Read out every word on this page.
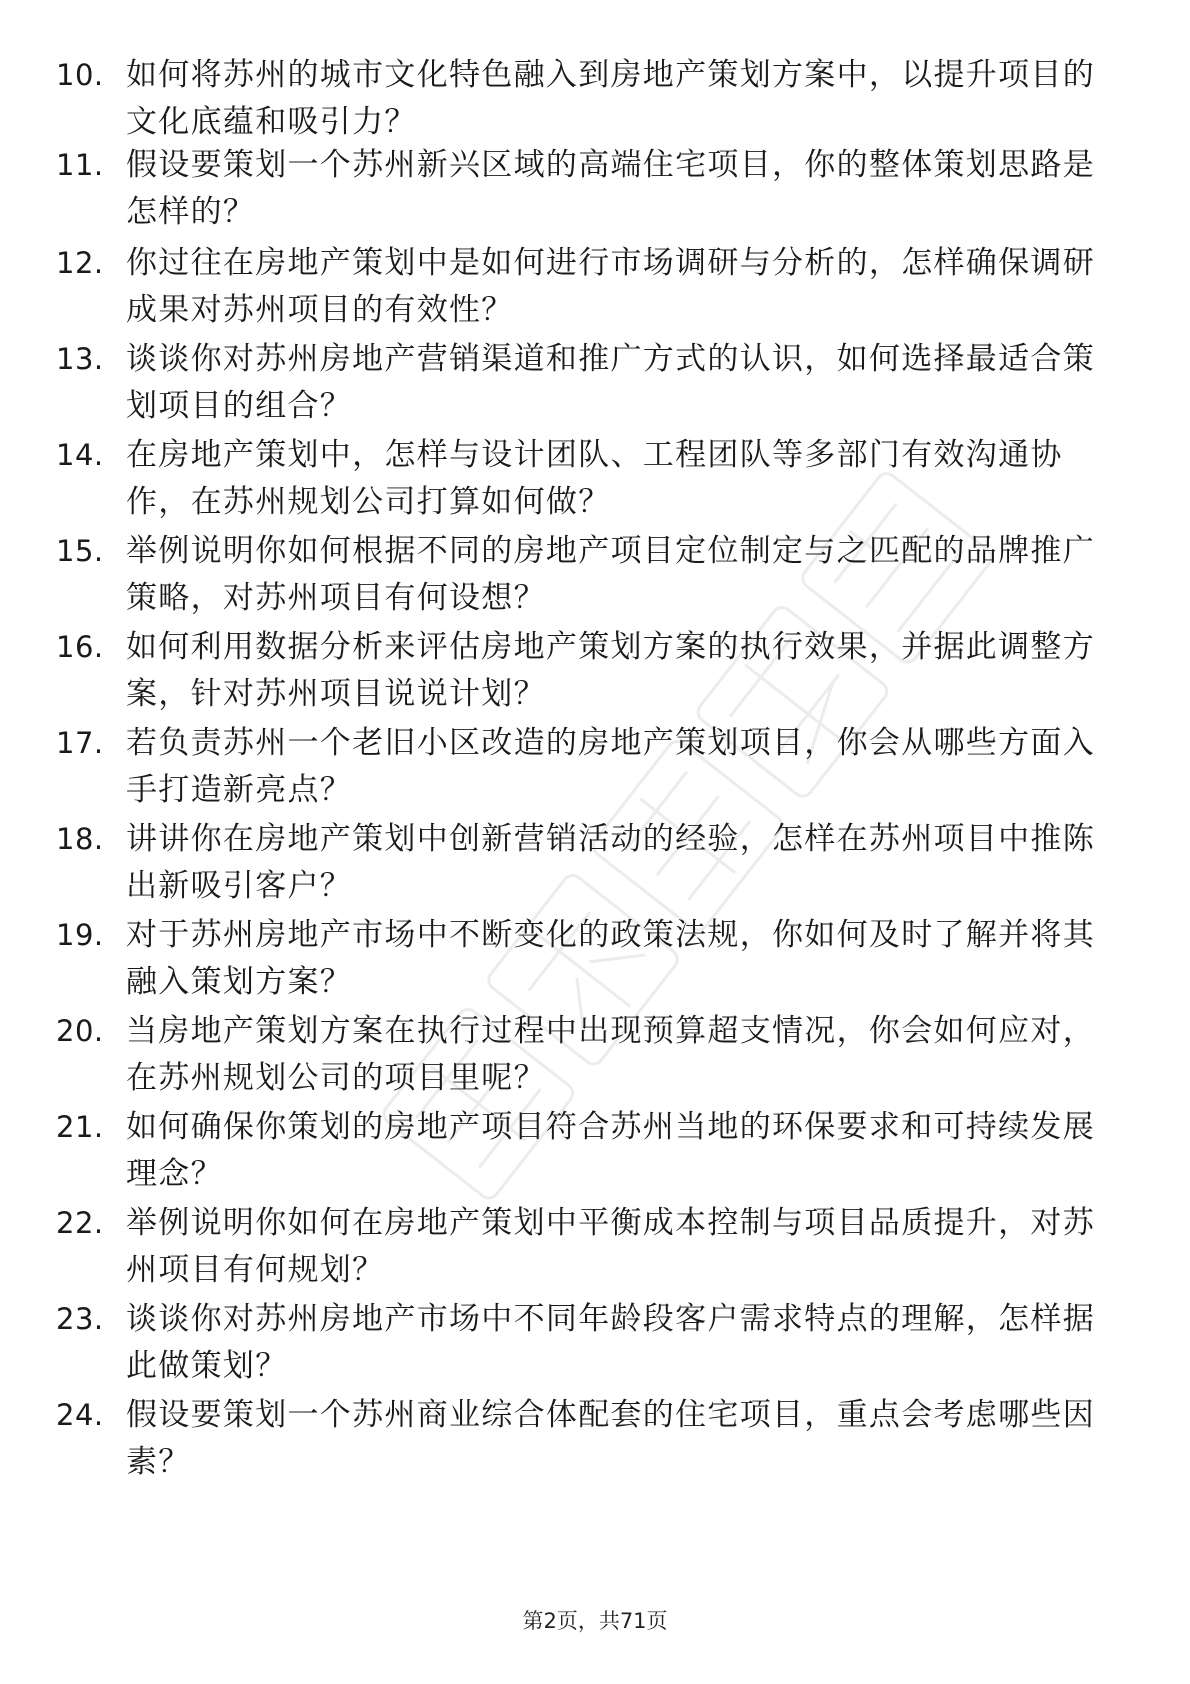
10. 如何将苏州的城市文化特色融入到房地产策划方案中，以提升项目的文化底蕴和吸引力？
11. 假设要策划一个苏州新兴区域的高端住宅项目，你的整体策划思路是怎样的？
12. 你过往在房地产策划中是如何进行市场调研与分析的，怎样确保调研成果对苏州项目的有效性？
13. 谈谈你对苏州房地产营销渠道和推广方式的认识，如何选择最适合策划项目的组合？
14. 在房地产策划中，怎样与设计团队、工程团队等多部门有效沟通协作，在苏州规划公司打算如何做？
15. 举例说明你如何根据不同的房地产项目定位制定与之匹配的品牌推广策略，对苏州项目有何设想？
16. 如何利用数据分析来评估房地产策划方案的执行效果，并据此调整方案，针对苏州项目说说计划？
17. 若负责苏州一个老旧小区改造的房地产策划项目，你会从哪些方面入手打造新亮点？
18. 讲讲你在房地产策划中创新营销活动的经验，怎样在苏州项目中推陈出新吸引客户？
19. 对于苏州房地产市场中不断变化的政策法规，你如何及时了解并将其融入策划方案？
20. 当房地产策划方案在执行过程中出现预算超支情况，你会如何应对，在苏州规划公司的项目里呢？
21. 如何确保你策划的房地产项目符合苏州当地的环保要求和可持续发展理念？
22. 举例说明你如何在房地产策划中平衡成本控制与项目品质提升，对苏州项目有何规划？
23. 谈谈你对苏州房地产市场中不同年龄段客户需求特点的理解，怎样据此做策划？
24. 假设要策划一个苏州商业综合体配套的住宅项目，重点会考虑哪些因素？
第2页，共71页
